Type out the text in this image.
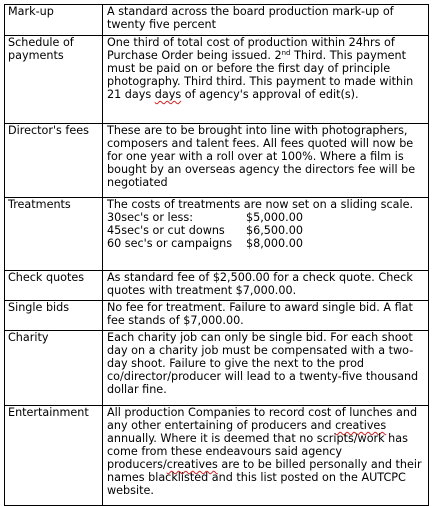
Mark-up	A standard across the board production mark-up of twenty five percent
Schedule of payments	One third of total cost of production within 24hrs of Purchase Order being issued. 2nd Third. This payment must be paid on or before the first day of principle photography. Third third. This payment to made within 21 days days of agency's approval of edit(s).
Director's fees	These are to be brought into line with photographers, composers and talent fees. All fees quoted will now be for one year with a roll over at 100%. Where a film is bought by an overseas agency the directors fee will be negotiated
Treatments	The costs of treatments are now set on a sliding scale.
30sec's or less: $5,000.00
45sec's or cut downs $6,500.00
60 sec's or campaigns $8,000.00

Check quotes	As standard fee of $2,500.00 for a check quote. Check quotes with treatment $7,000.00.
Single bids	No fee for treatment. Failure to award single bid. A flat fee stands of $7,000.00.
Charity	Each charity job can only be single bid. For each shoot day on a charity job must be compensated with a two-day shoot. Failure to give the next to the prod co/director/producer will lead to a twenty-five thousand dollar fine.
Entertainment	All production Companies to record cost of lunches and any other entertaining of producers and creatives annually. Where it is deemed that no scripts/work has come from these endeavours said agency producers/creatives are to be billed personally and their names blacklisted and this list posted on the AUTCPC website.
